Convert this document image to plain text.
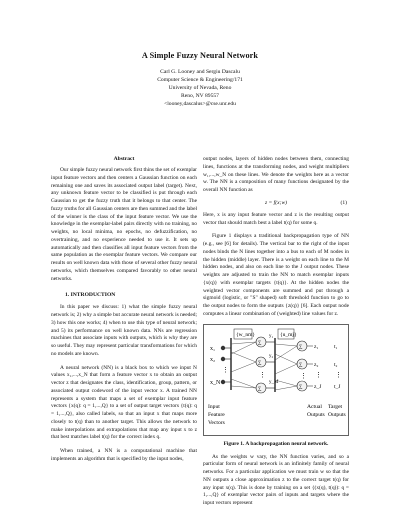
A Simple Fuzzy Neural Network
Carl G. Looney and Sergiu Dascalu
Computer Science & Engineering/171
University of Nevada, Reno
Reno, NV 89557
<looney,dascalus>@cse.unr.edu

Abstract

Our simple fuzzy neural network first thins the set of exemplar input feature vectors and then centers a Gaussian function on each remaining one and saves its associated output label (target). Next, any unknown feature vector to be classified is put through each Gaussian to get the fuzzy truth that it belongs to that center. The fuzzy truths for all Gaussian centers are then summed and the label of the winner is the class of the input feature vector. We use the knowledge in the exemplar-label pairs directly with no training, no weights, no local minima, no epochs, no defuzzification, no overtraining, and no experience needed to use it. It sets up automatically and then classifies all input feature vectors from the same population as the exemplar feature vectors. We compare our results on well known data with those of several other fuzzy neural networks, which themselves compared favorably to other neural networks.

1. INTRODUCTION

In this paper we discuss: 1) what the simple fuzzy neural network is; 2) why a simple but accurate neural network is needed; 3) how this one works; 4) when to use this type of neural network; and 5) its performance on well known data. NNs are regression machines that associate inputs with outputs, which is why they are so useful. They may represent particular transformations for which no models are known.

A neural network (NN) is a black box to which we input N values x₁,...,x_N that form a feature vector x to obtain an output vector z that designates the class, identification, group, pattern, or associated output codeword of the input vector x. A trained NN represents a system that maps a set of exemplar input feature vectors {x(q): q = 1,...,Q} to a set of output target vectors {t(q): q = 1,...,Q}, also called labels, so that an input x that maps more closely to t(q) than to another target. This allows the network to make interpolations and extrapolations that map any input x to z that best matches label t(q) for the correct index q.

When trained, a NN is a computational machine that implements an algorithm that is specified by the input nodes,

output nodes, layers of hidden nodes between them, connecting lines, functions at the transforming nodes, and weight multipliers w₁,...,w_N on these lines. We denote the weights here as a vector w. The NN is a composition of many functions designated by the overall NN function as

z = f(x;w)	(1)

Here, x is any input feature vector and z is the resulting output vector that should match best a label t(q) for some q.

Figure 1 displays a traditional backpropagation type of NN (e.g., see [6] for details). The vertical bar to the right of the input nodes binds the N lines together into a bus to each of M nodes in the hidden (middle) layer. There is a weight on each line to the M hidden nodes, and also on each line to the J output nodes. These weights are adjusted to train the NN to match exemplar inputs {x(q)} with exemplar targets {t(q)}. At the hidden nodes the weighted vector components are summed and put through a sigmoid (logistic, or "S" shaped) soft threshold function to go to the output nodes to form the outputs {z(q)} [6]. Each output node computes a linear combination of (weighted) line values for z.

x₁
x₂
x_N
⋮
{w_nm}
∑
∑
∑
⋮
y₁
y₂
y_M
{u_mj}
∑
∑
∑
⋮
z₁
z₂
z_J
⋮
t₁
t₂
t_J
⋮
Input
Feature
Vectors
Actual
Outputs
Target
Outputs
Figure 1. A backpropagation neural network.

As the weights w vary, the NN function varies, and so a particular form of neural network is an infinitely family of neural networks. For a particular application we must train w so that the NN outputs a close approximation z to the correct target t(q) for any input x(q). This is done by training on a set {(x(q), t(q)): q = 1,...,Q} of exemplar vector pairs of inputs and targets where the input vectors represent
